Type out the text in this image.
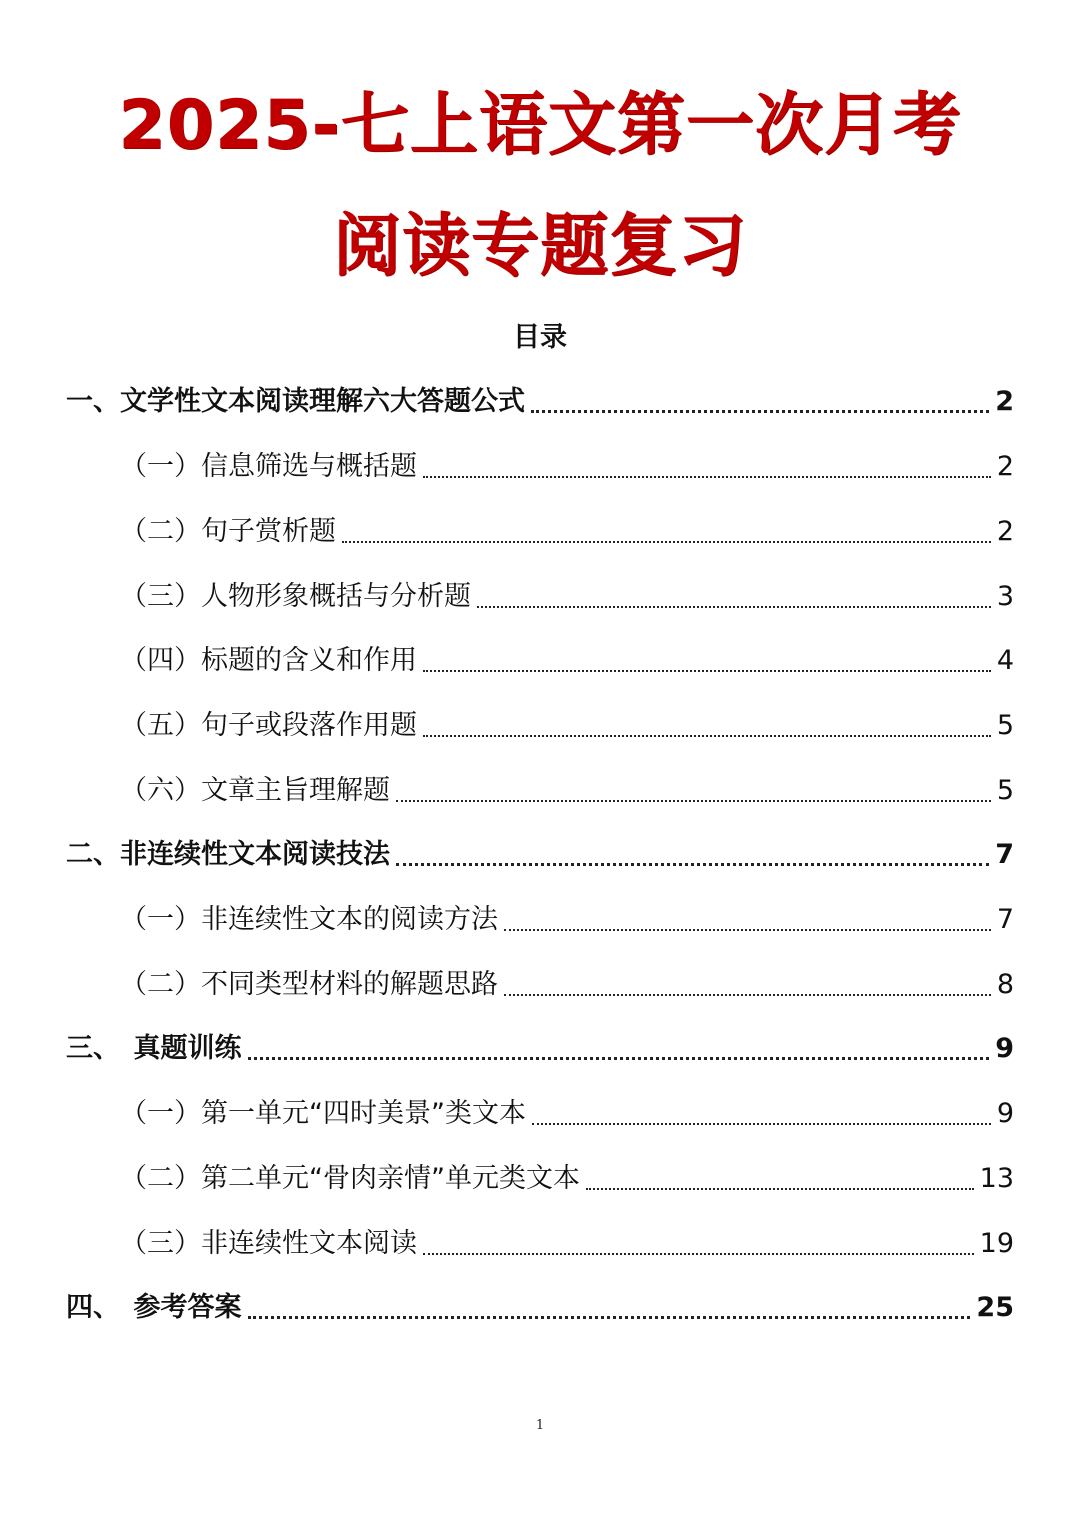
2025-七上语文第一次月考
阅读专题复习
目录
一、文学性文本阅读理解六大答题公式	2
（一）信息筛选与概括题	2
（二）句子赏析题	2
（三）人物形象概括与分析题	3
（四）标题的含义和作用	4
（五）句子或段落作用题	5
（六）文章主旨理解题	5
二、非连续性文本阅读技法	7
（一）非连续性文本的阅读方法	7
（二）不同类型材料的解题思路	8
三、　真题训练	9
（一）第一单元“四时美景”类文本	9
（二）第二单元“骨肉亲情”单元类文本	13
（三）非连续性文本阅读	19
四、　参考答案	25
1
